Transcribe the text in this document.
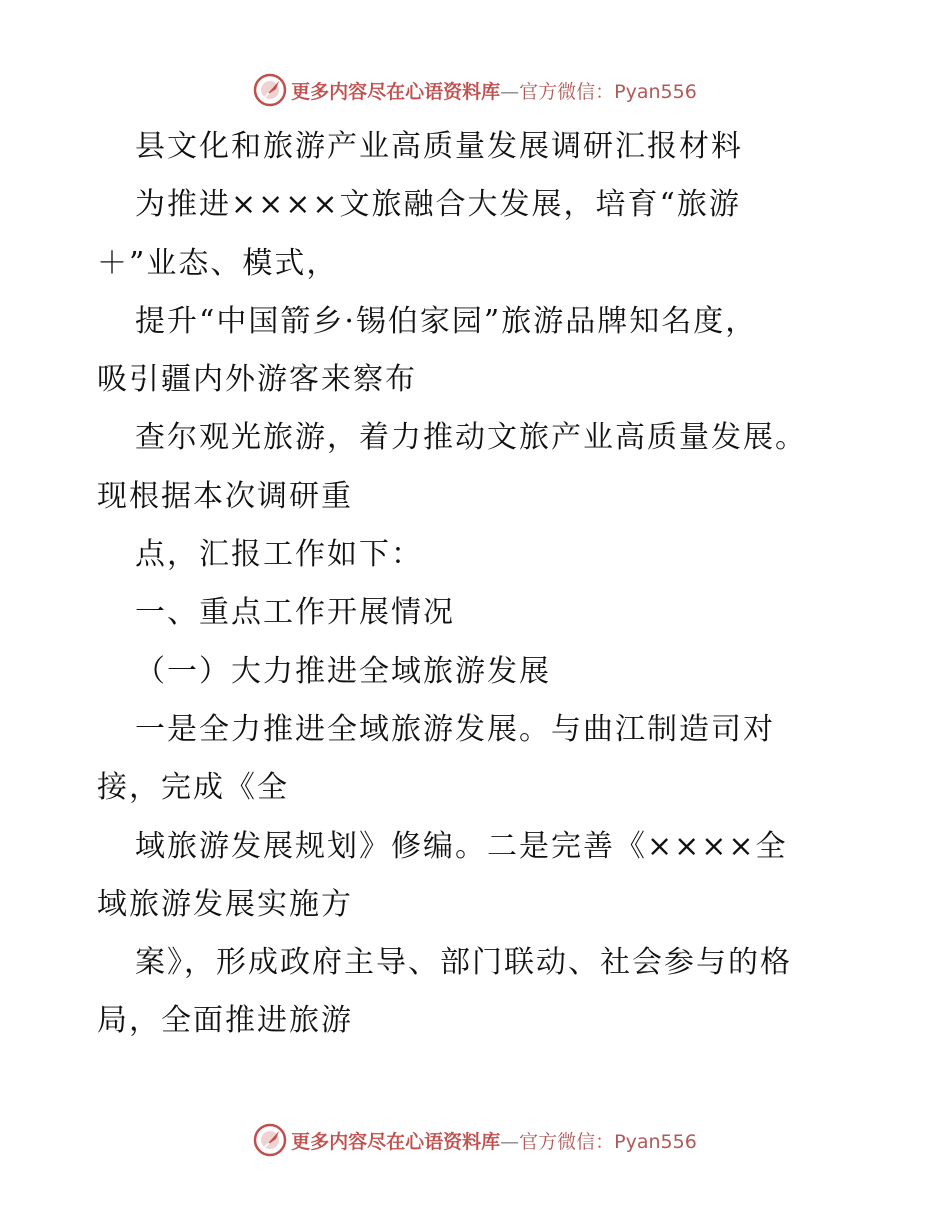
更多内容尽在心语资料库—官方微信：Pyan556
县文化和旅游产业高质量发展调研汇报材料
为推进××××文旅融合大发展，培育“旅游
＋”业态、模式，
提升“中国箭乡·锡伯家园”旅游品牌知名度，
吸引疆内外游客来察布
查尔观光旅游，着力推动文旅产业高质量发展。
现根据本次调研重
点，汇报工作如下：
一、重点工作开展情况
（一）大力推进全域旅游发展
一是全力推进全域旅游发展。与曲江制造司对
接，完成《全
域旅游发展规划》修编。二是完善《××××全
域旅游发展实施方
案》，形成政府主导、部门联动、社会参与的格
局，全面推进旅游
更多内容尽在心语资料库—官方微信：Pyan556
